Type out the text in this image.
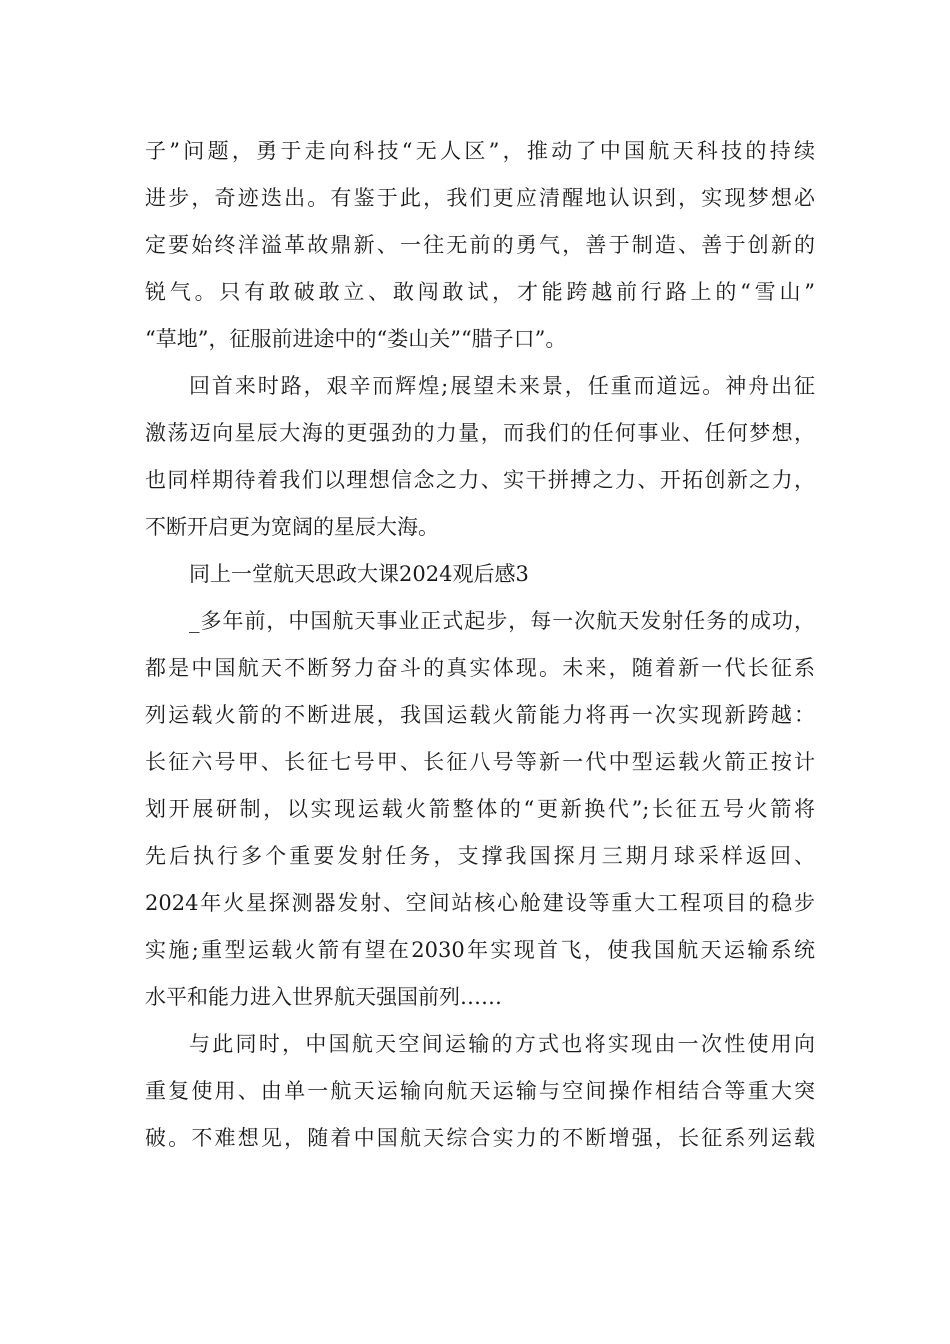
子”问题，勇于走向科技“无人区”，推动了中国航天科技的持续
进步，奇迹迭出。有鉴于此，我们更应清醒地认识到，实现梦想必
定要始终洋溢革故鼎新、一往无前的勇气，善于制造、善于创新的
锐气。只有敢破敢立、敢闯敢试，才能跨越前行路上的“雪山”
“草地”，征服前进途中的“娄山关”“腊子口”。
回首来时路，艰辛而辉煌;展望未来景，任重而道远。神舟出征
激荡迈向星辰大海的更强劲的力量，而我们的任何事业、任何梦想，
也同样期待着我们以理想信念之力、实干拼搏之力、开拓创新之力，
不断开启更为宽阔的星辰大海。
同上一堂航天思政大课2024观后感3
_多年前，中国航天事业正式起步，每一次航天发射任务的成功，
都是中国航天不断努力奋斗的真实体现。未来，随着新一代长征系
列运载火箭的不断进展，我国运载火箭能力将再一次实现新跨越：
长征六号甲、长征七号甲、长征八号等新一代中型运载火箭正按计
划开展研制，以实现运载火箭整体的“更新换代”;长征五号火箭将
先后执行多个重要发射任务，支撑我国探月三期月球采样返回、
2024年火星探测器发射、空间站核心舱建设等重大工程项目的稳步
实施;重型运载火箭有望在2030年实现首飞，使我国航天运输系统
水平和能力进入世界航天强国前列……
与此同时，中国航天空间运输的方式也将实现由一次性使用向
重复使用、由单一航天运输向航天运输与空间操作相结合等重大突
破。不难想见，随着中国航天综合实力的不断增强，长征系列运载
